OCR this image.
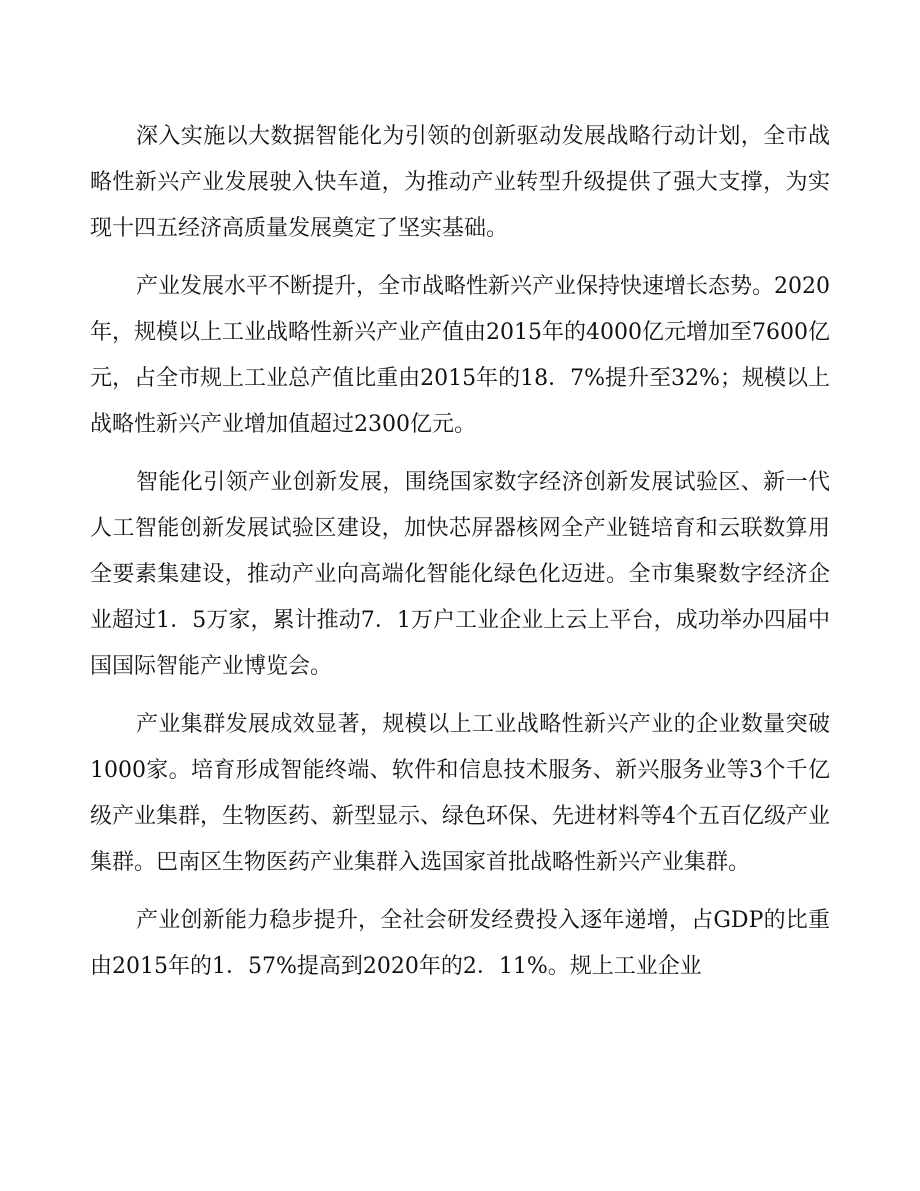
深入实施以大数据智能化为引领的创新驱动发展战略行动计划，全市战略性新兴产业发展驶入快车道，为推动产业转型升级提供了强大支撑，为实现十四五经济高质量发展奠定了坚实基础。

产业发展水平不断提升，全市战略性新兴产业保持快速增长态势。2020年，规模以上工业战略性新兴产业产值由2015年的4000亿元增加至7600亿元，占全市规上工业总产值比重由2015年的18．7%提升至32%；规模以上战略性新兴产业增加值超过2300亿元。

智能化引领产业创新发展，围绕国家数字经济创新发展试验区、新一代人工智能创新发展试验区建设，加快芯屏器核网全产业链培育和云联数算用全要素集建设，推动产业向高端化智能化绿色化迈进。全市集聚数字经济企业超过1．5万家，累计推动7．1万户工业企业上云上平台，成功举办四届中国国际智能产业博览会。

产业集群发展成效显著，规模以上工业战略性新兴产业的企业数量突破1000家。培育形成智能终端、软件和信息技术服务、新兴服务业等3个千亿级产业集群，生物医药、新型显示、绿色环保、先进材料等4个五百亿级产业集群。巴南区生物医药产业集群入选国家首批战略性新兴产业集群。

产业创新能力稳步提升，全社会研发经费投入逐年递增，占GDP的比重由2015年的1．57%提高到2020年的2．11%。规上工业企业
